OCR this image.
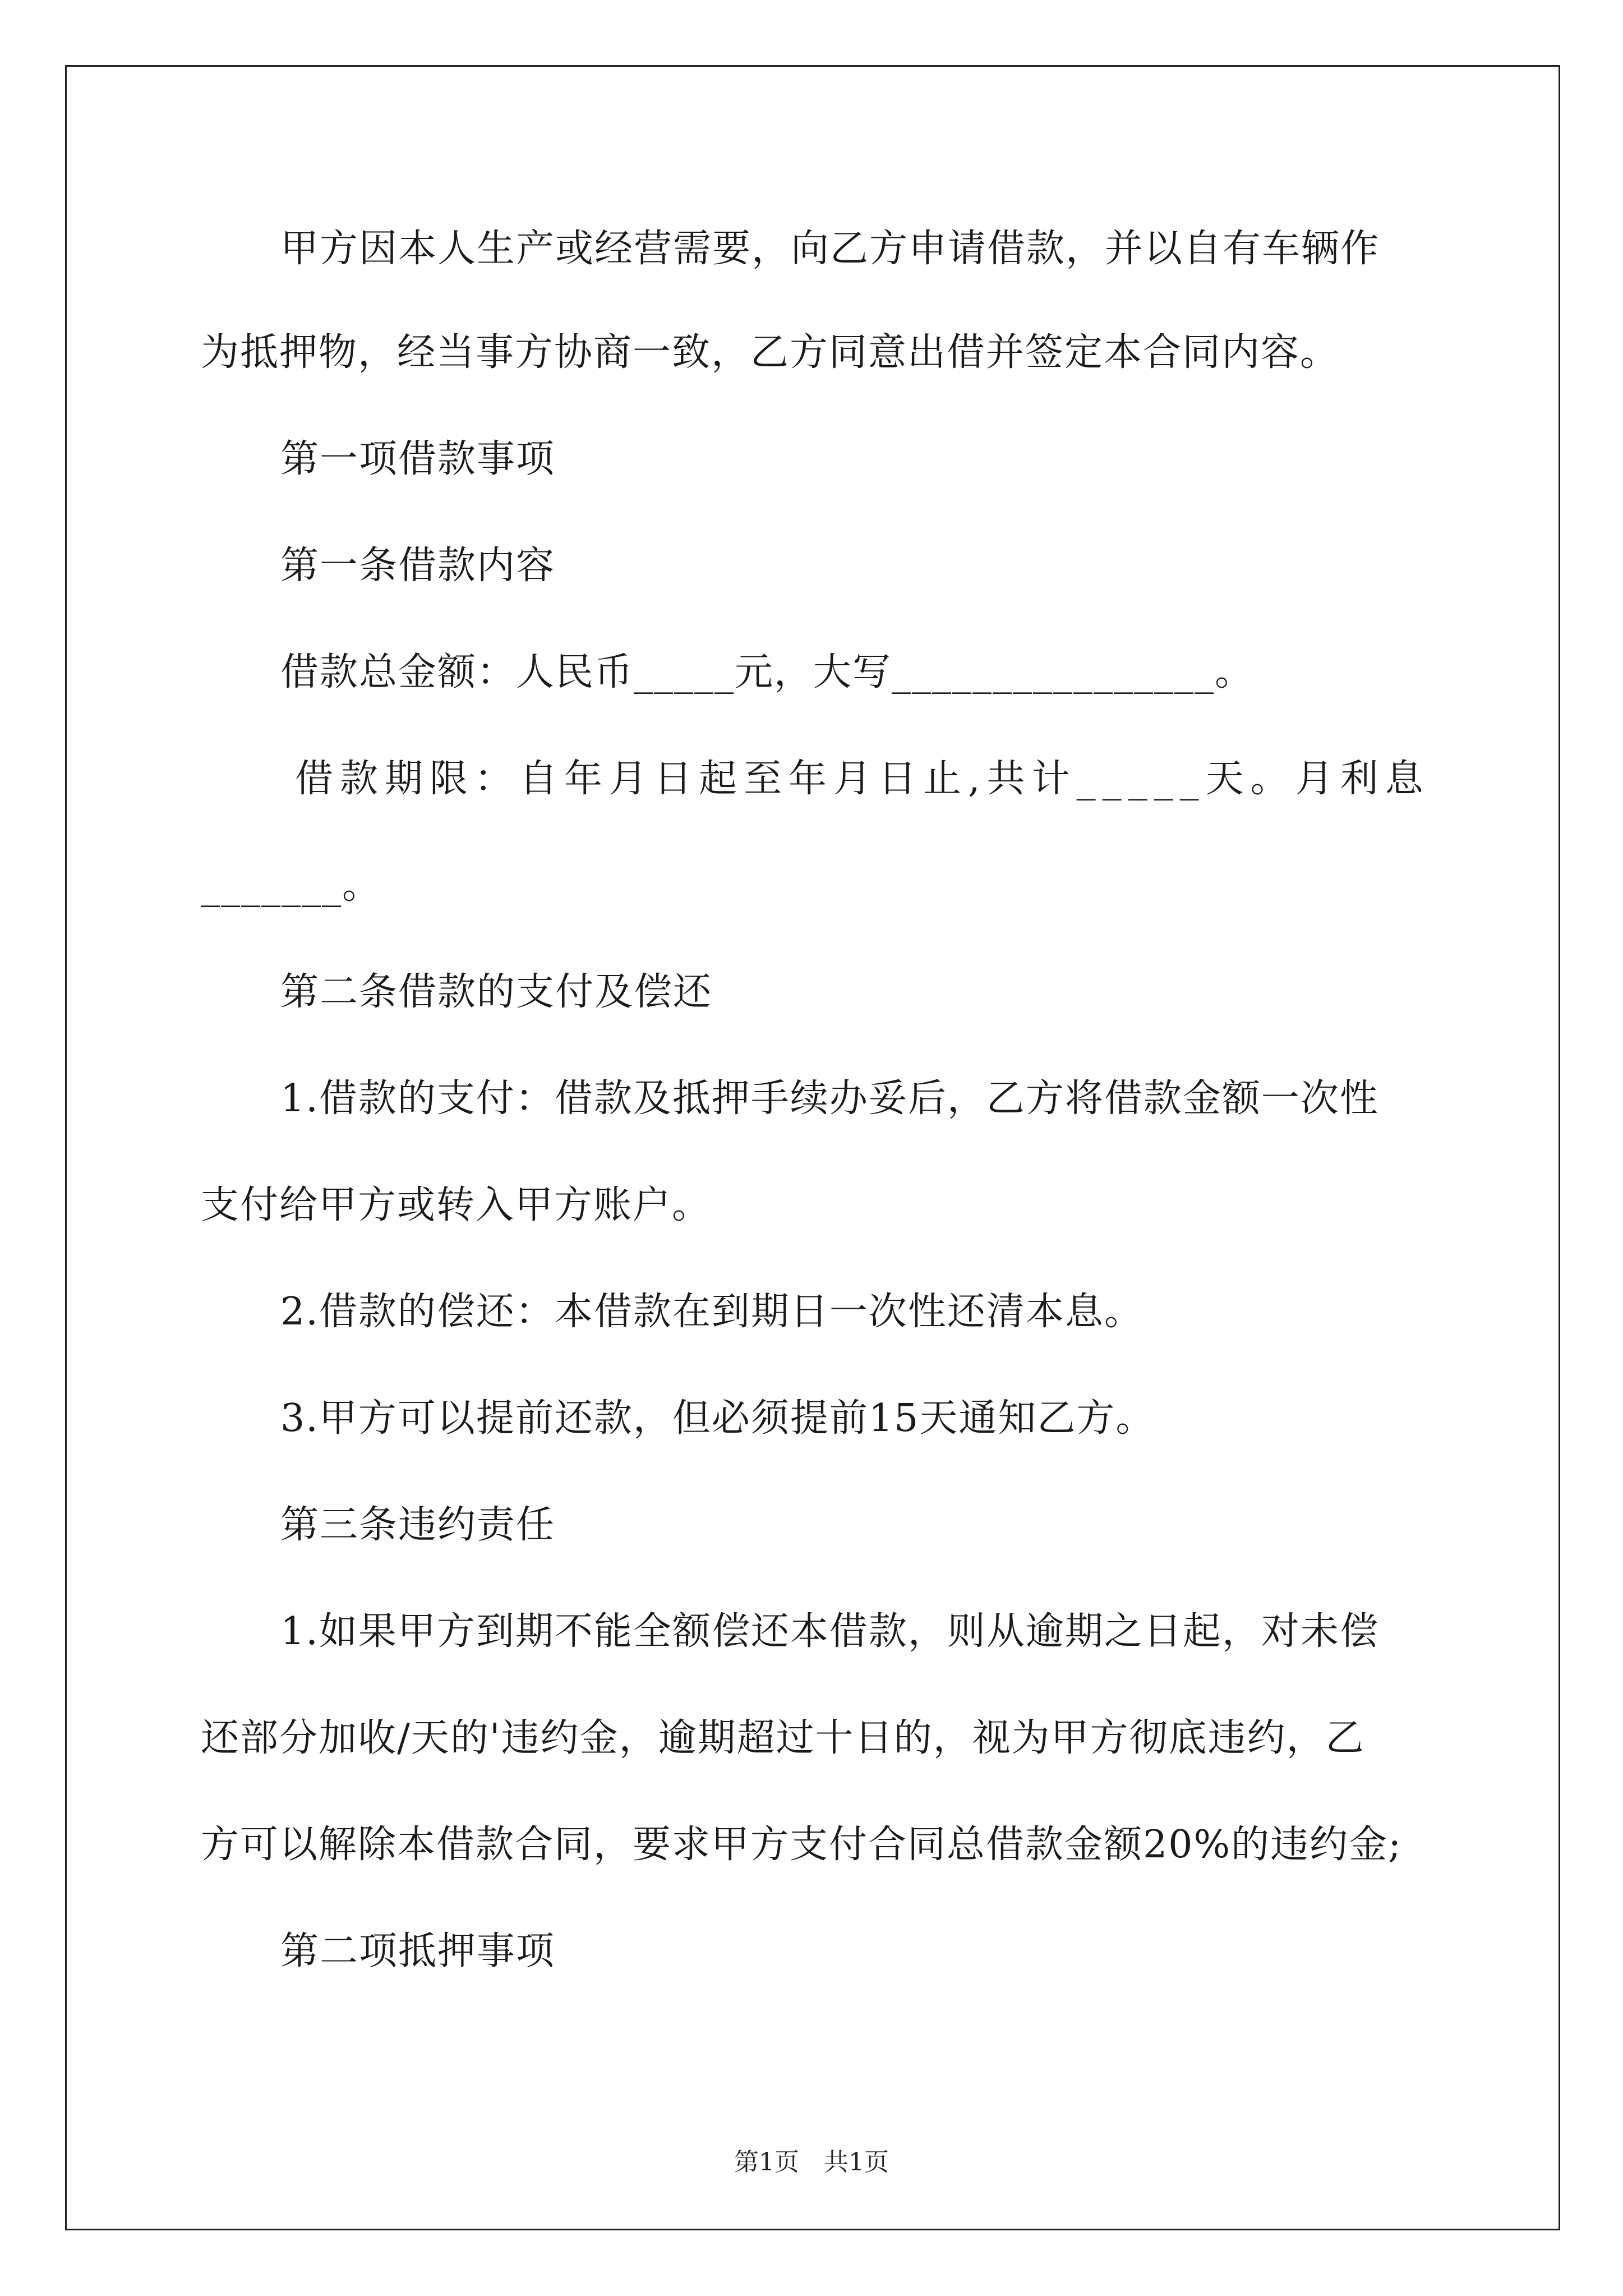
甲方因本人生产或经营需要，向乙方申请借款，并以自有车辆作
为抵押物，经当事方协商一致，乙方同意出借并签定本合同内容。
第一项借款事项
第一条借款内容
借款总金额：人民币_____元，大写________________。
借款期限：自年月日起至年月日止,共计_____天。月利息
_______。
第二条借款的支付及偿还
1.借款的支付：借款及抵押手续办妥后，乙方将借款金额一次性
支付给甲方或转入甲方账户。
2.借款的偿还：本借款在到期日一次性还清本息。
3.甲方可以提前还款，但必须提前15天通知乙方。
第三条违约责任
1.如果甲方到期不能全额偿还本借款，则从逾期之日起，对未偿
还部分加收/天的'违约金，逾期超过十日的，视为甲方彻底违约，乙
方可以解除本借款合同，要求甲方支付合同总借款金额20%的违约金;
第二项抵押事项
第1页　共1页
